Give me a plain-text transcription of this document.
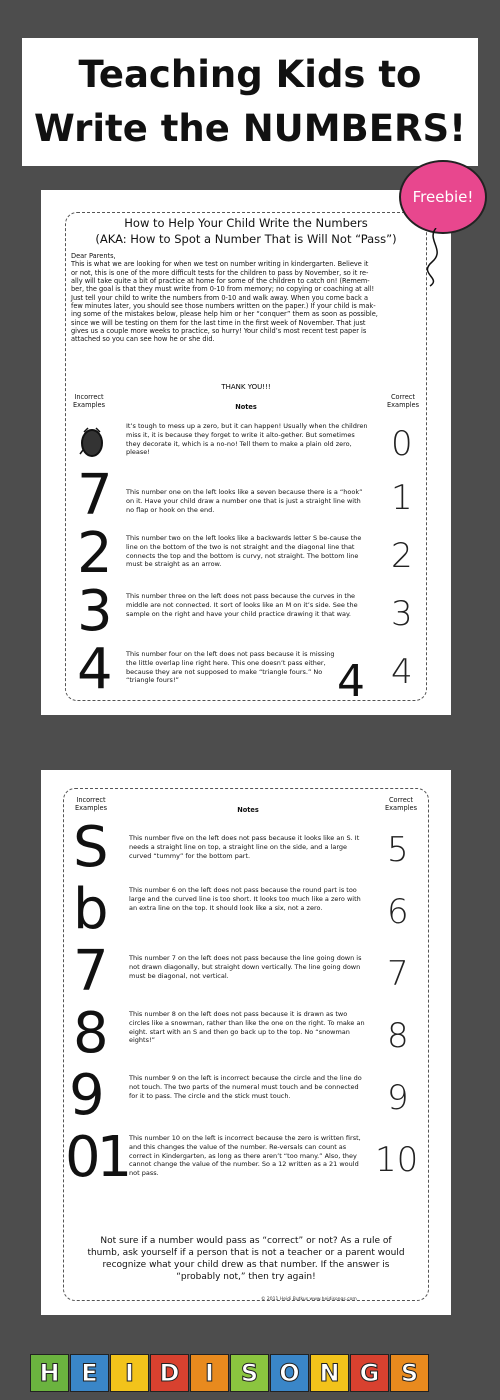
Teaching Kids to
Write the NUMBERS!
How to Help Your Child Write the Numbers
(AKA: How to Spot a Number That is Will Not “Pass”)
Dear Parents,
This is what we are looking for when we test on number writing in kindergarten. Believe it
or not, this is one of the more difficult tests for the children to pass by November, so it re-
ally will take quite a bit of practice at home for some of the children to catch on! (Remem-
ber, the goal is that they must write from 0-10 from memory; no copying or coaching at all!
Just tell your child to write the numbers from 0-10 and walk away. When you come back a
few minutes later, you should see those numbers written on the paper.) If your child is mak-
ing some of the mistakes below, please help him or her “conquer” them as soon as possible,
since we will be testing on them for the last time in the first week of November. That just
gives us a couple more weeks to practice, so hurry! Your child’s most recent test paper is
attached so you can see how he or she did.
THANK YOU!!!
Incorrect
Examples	Notes
Correct
Examples
It’s tough to mess up a zero, but it can happen! Usually when the children miss it, it is because they forget to write it alto-gether. But sometimes they decorate it, which is a no-no! Tell them to make a plain old zero, please!	0
7 This number one on the left looks like a seven because there is a “hook” on it. Have your child draw a number one that is just a straight line with no flap or hook on the end.	1
2 This number two on the left looks like a backwards letter S be-cause the line on the bottom of the two is not straight and the diagonal line that connects the top and the bottom is curvy, not straight. The bottom line must be straight as an arrow.	2
3 This number three on the left does not pass because the curves in the middle are not connected. It sort of looks like an M on it’s side. See the sample on the right and have your child practice drawing it that way.	3
4 This number four on the left does not pass because it is missing the little overlap line right here. This one doesn’t pass either, because they are not supposed to make “triangle fours.” No “triangle fours!”	4 4
Freebie!
Incorrect
Examples	Notes
Correct
Examples
S	This number five on the left does not pass because it looks like an S. It needs a straight line on top, a straight line on the side, and a large curved “tummy” for the bottom part.	5
b	This number 6 on the left does not pass because the round part is too large and the curved line is too short. It looks too much like a zero with an extra line on the top. It should look like a six, not a zero.	6
7	This number 7 on the left does not pass because the line going down is not drawn diagonally, but straight down vertically. The line going down must be diagonal, not vertical.	7
8	This number 8 on the left does not pass because it is drawn as two circles like a snowman, rather than like the one on the right. To make an eight. start with an S and then go back up to the top. No “snowman eights!”	8
9	This number 9 on the left is incorrect because the circle and the line do not touch. The two parts of the numeral must touch and be connected for it to pass. The circle and the stick must touch.	9
01 This number 10 on the left is incorrect because the zero is written first, and this changes the value of the number. Re-versals can count as correct in Kindergarten, as long as there aren’t “too many.” Also, they cannot change the value of the number. So a 12 written as a 21 would not pass.	10
Not sure if a number would pass as “correct” or not? As a rule of thumb, ask yourself if a person that is not a teacher or a parent would recognize what your child drew as that number. If the answer is “probably not,” then try again!
© 2011 Heidi Butkus www.heidisongs.com
H E	I	D	I	S O N G S
